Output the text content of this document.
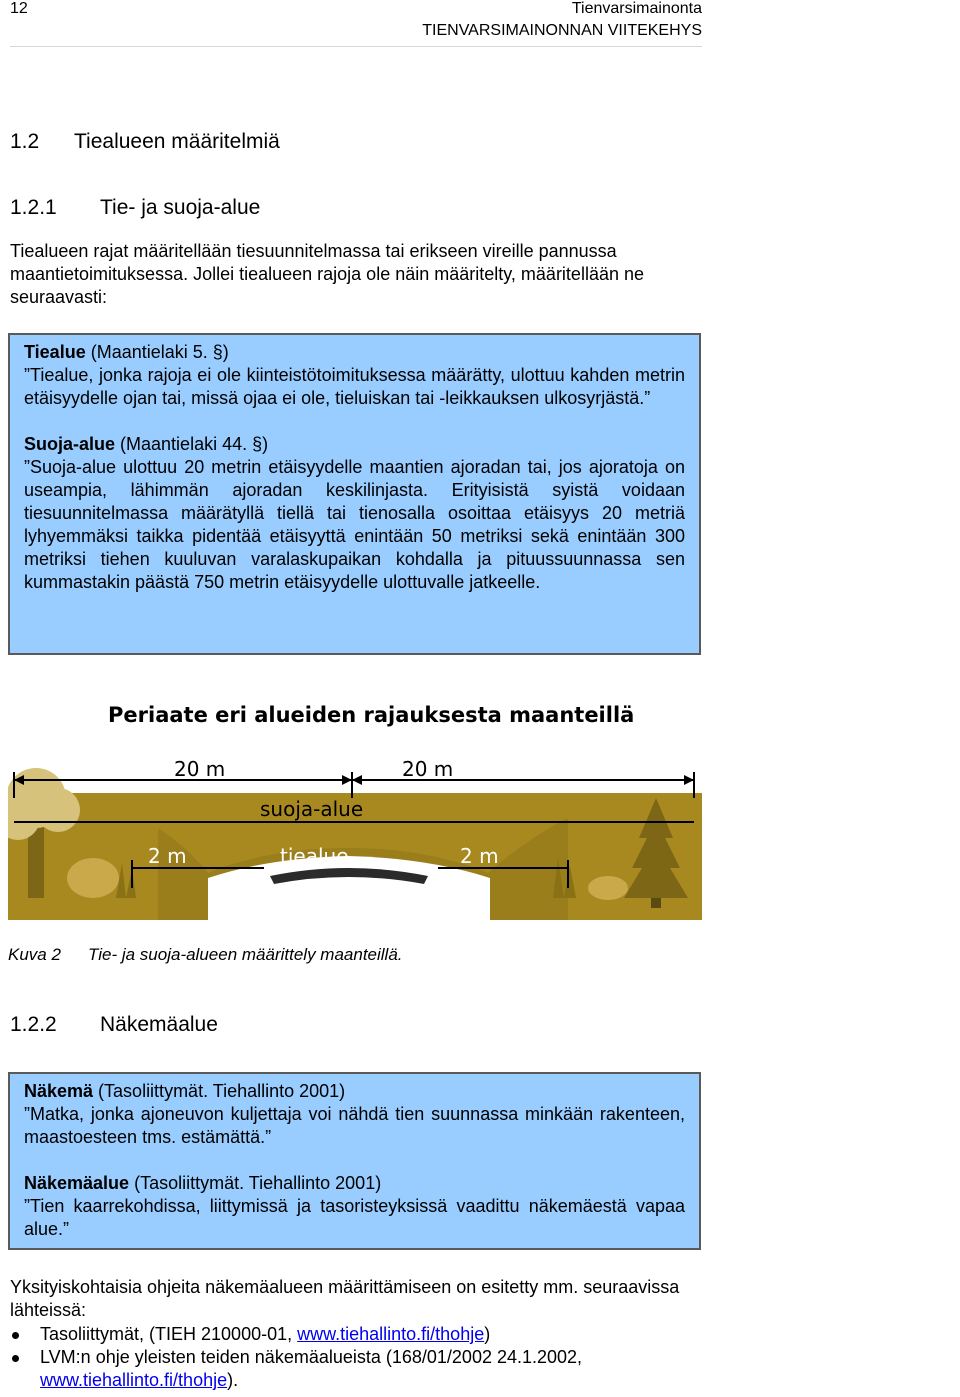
12	Tienvarsimainonta
TIENVARSIMAINONNAN VIITEKEHYS
1.2 Tiealueen määritelmiä
1.2.1 Tie- ja suoja-alue
Tiealueen rajat määritellään tiesuunnitelmassa tai erikseen vireille pannussa maantietoimituksessa. Jollei tiealueen rajoja ole näin määritelty, määritellään ne seuraavasti:

Tiealue (Maantielaki 5. §)

”Tiealue, jonka rajoja ei ole kiinteistötoimituksessa määrätty, ulottuu kahden metrin etäisyydelle ojan tai, missä ojaa ei ole, tieluiskan tai -leikkauksen ulkosyrjästä.”

Suoja-alue (Maantielaki 44. §)

”Suoja-alue ulottuu 20 metrin etäisyydelle maantien ajoradan tai, jos ajoratoja on useampia, lähimmän ajoradan keskilinjasta. Erityisistä syistä voidaan tiesuunnitelmassa määrätyllä tiellä tai tienosalla osoittaa etäisyys 20 metriä lyhyemmäksi taikka pidentää etäisyyttä enintään 50 metriksi sekä enintään 300 metriksi tiehen kuuluvan varalaskupaikan kohdalla ja pituussuunnassa sen kummastakin päästä 750 metrin etäisyydelle ulottuvalle jatkeelle.

Periaate eri alueiden rajauksesta maanteillä
20 m	20 m
suoja-alue
tiealue
2 m	2 m
Kuva 2 Tie- ja suoja-alueen määrittely maanteillä.
1.2.2 Näkemäalue

Näkemä (Tasoliittymät. Tiehallinto 2001)

”Matka, jonka ajoneuvon kuljettaja voi nähdä tien suunnassa minkään rakenteen, maastoesteen tms. estämättä.”

Näkemäalue (Tasoliittymät. Tiehallinto 2001)

”Tien kaarrekohdissa, liittymissä ja tasoristeyksissä vaadittu näkemäestä vapaa alue.”

Yksityiskohtaisia ohjeita näkemäalueen määrittämiseen on esitetty mm. seuraavissa lähteissä:
Tasoliittymät, (TIEH 210000-01, www.tiehallinto.fi/thohje)
LVM:n ohje yleisten teiden näkemäalueista (168/01/2002 24.1.2002, www.tiehallinto.fi/thohje).
